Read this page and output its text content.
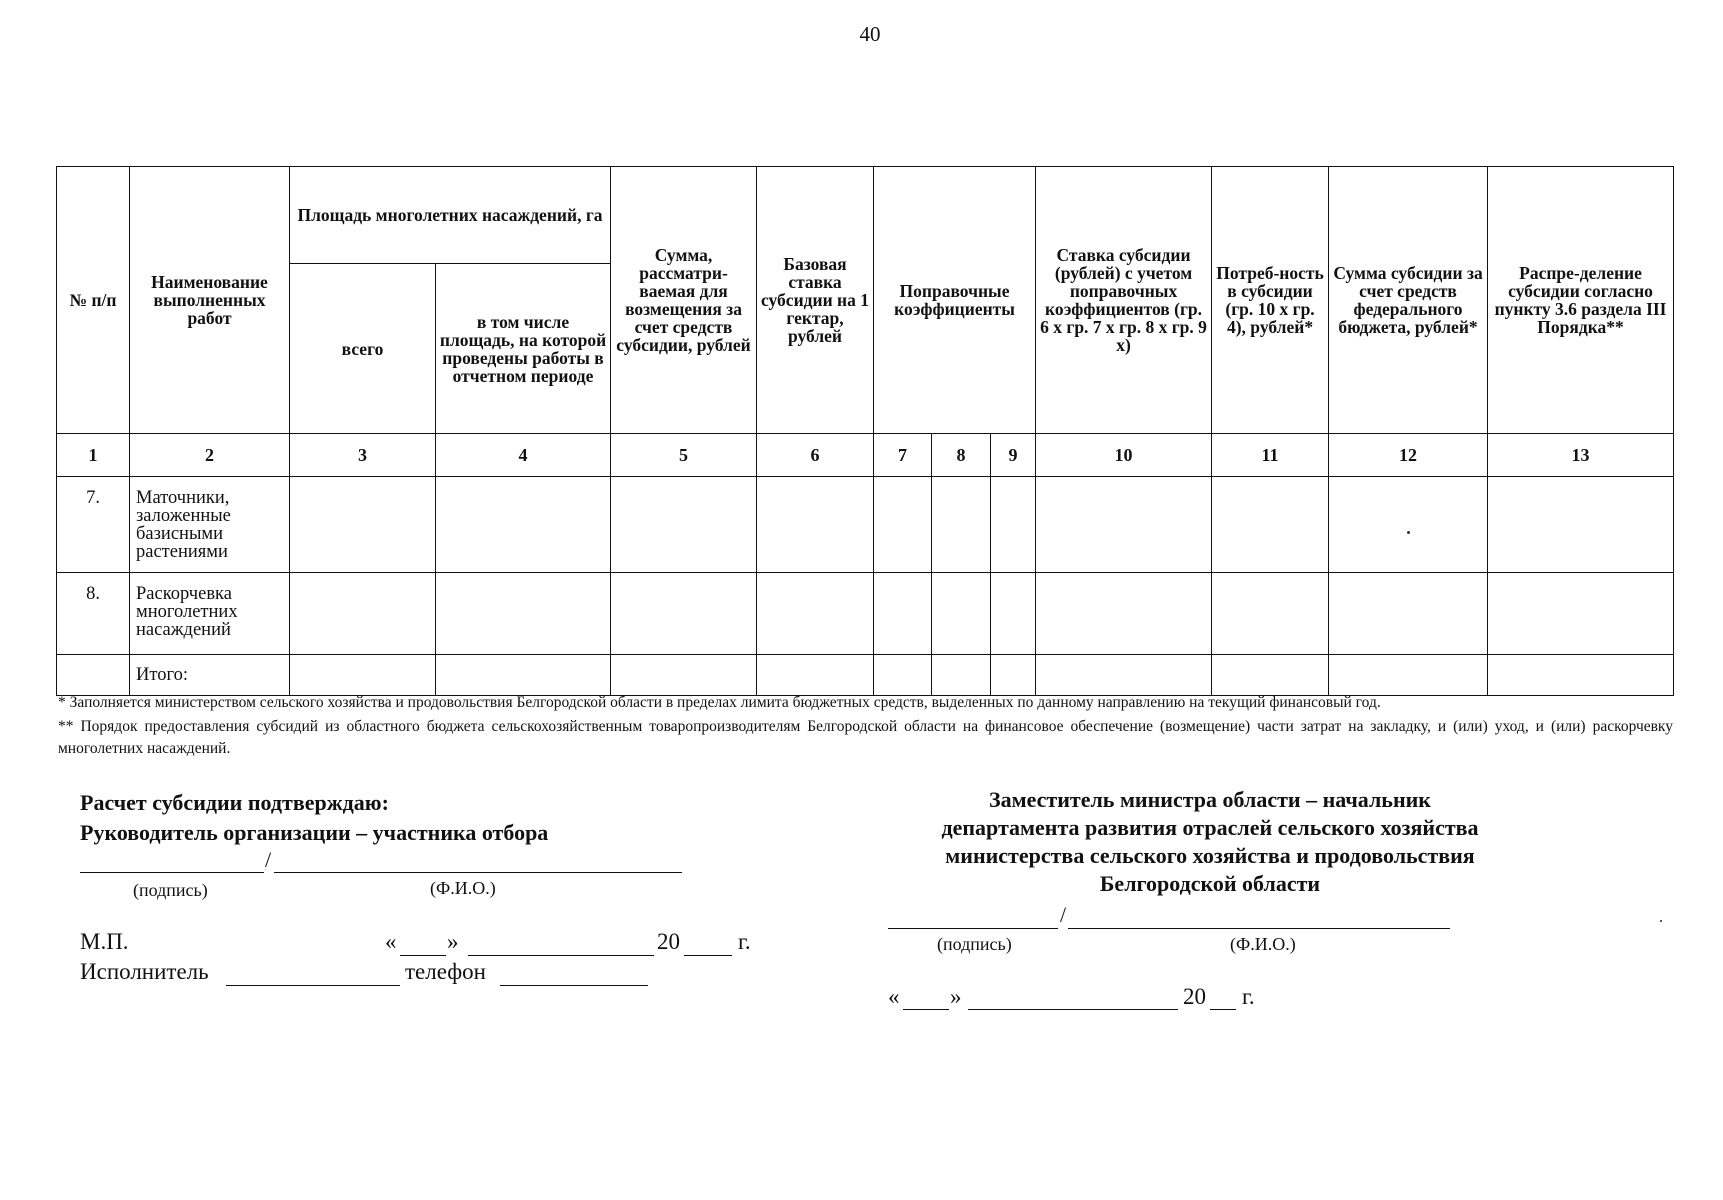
40
№ п/п	Наименование выполненных работ	Площадь многолетних насаждений, га		Сумма, рассматри-ваемая для возмещения за счет средств субсидии, рублей	Базовая ставка субсидии на 1 гектар, рублей	Поправочные коэффициенты			Ставка субсидии (рублей) с учетом поправочных коэффициентов (гр. 6 х гр. 7 х гр. 8 х гр. 9 х)	Потреб-ность в субсидии (гр. 10 х гр. 4), рублей*	Сумма субсидии за счет средств федерального бюджета, рублей*	Распре-деление субсидии согласно пункту 3.6 раздела III Порядка**
		всего	в том числе площадь, на которой проведены работы в отчетном периоде									
1	2	3	4	5	6	7	8	9	10	11	12	13
7.	Маточники, заложенные базисными растениями											
8.	Раскорчевка многолетних насаждений											
	Итого:											
* Заполняется министерством сельского хозяйства и продовольствия Белгородской области в пределах лимита бюджетных средств, выделенных по данному направлению на текущий финансовый год.
** Порядок предоставления субсидий из областного бюджета сельскохозяйственным товаропроизводителям Белгородской области на финансовое обеспечение (возмещение) части затрат на закладку, и (или) уход, и (или) раскорчевку многолетних насаждений.
Расчет субсидии подтверждаю:
Руководитель организации – участника отбора
/
(подпись)	(Ф.И.О.)
М.П.	« »	20	г.
Исполнитель	телефон
Заместитель министра области – начальник
департамента развития отраслей сельского хозяйства
министерства сельского хозяйства и продовольствия
Белгородской области
/
(подпись)	(Ф.И.О.)
« »	20 г.
